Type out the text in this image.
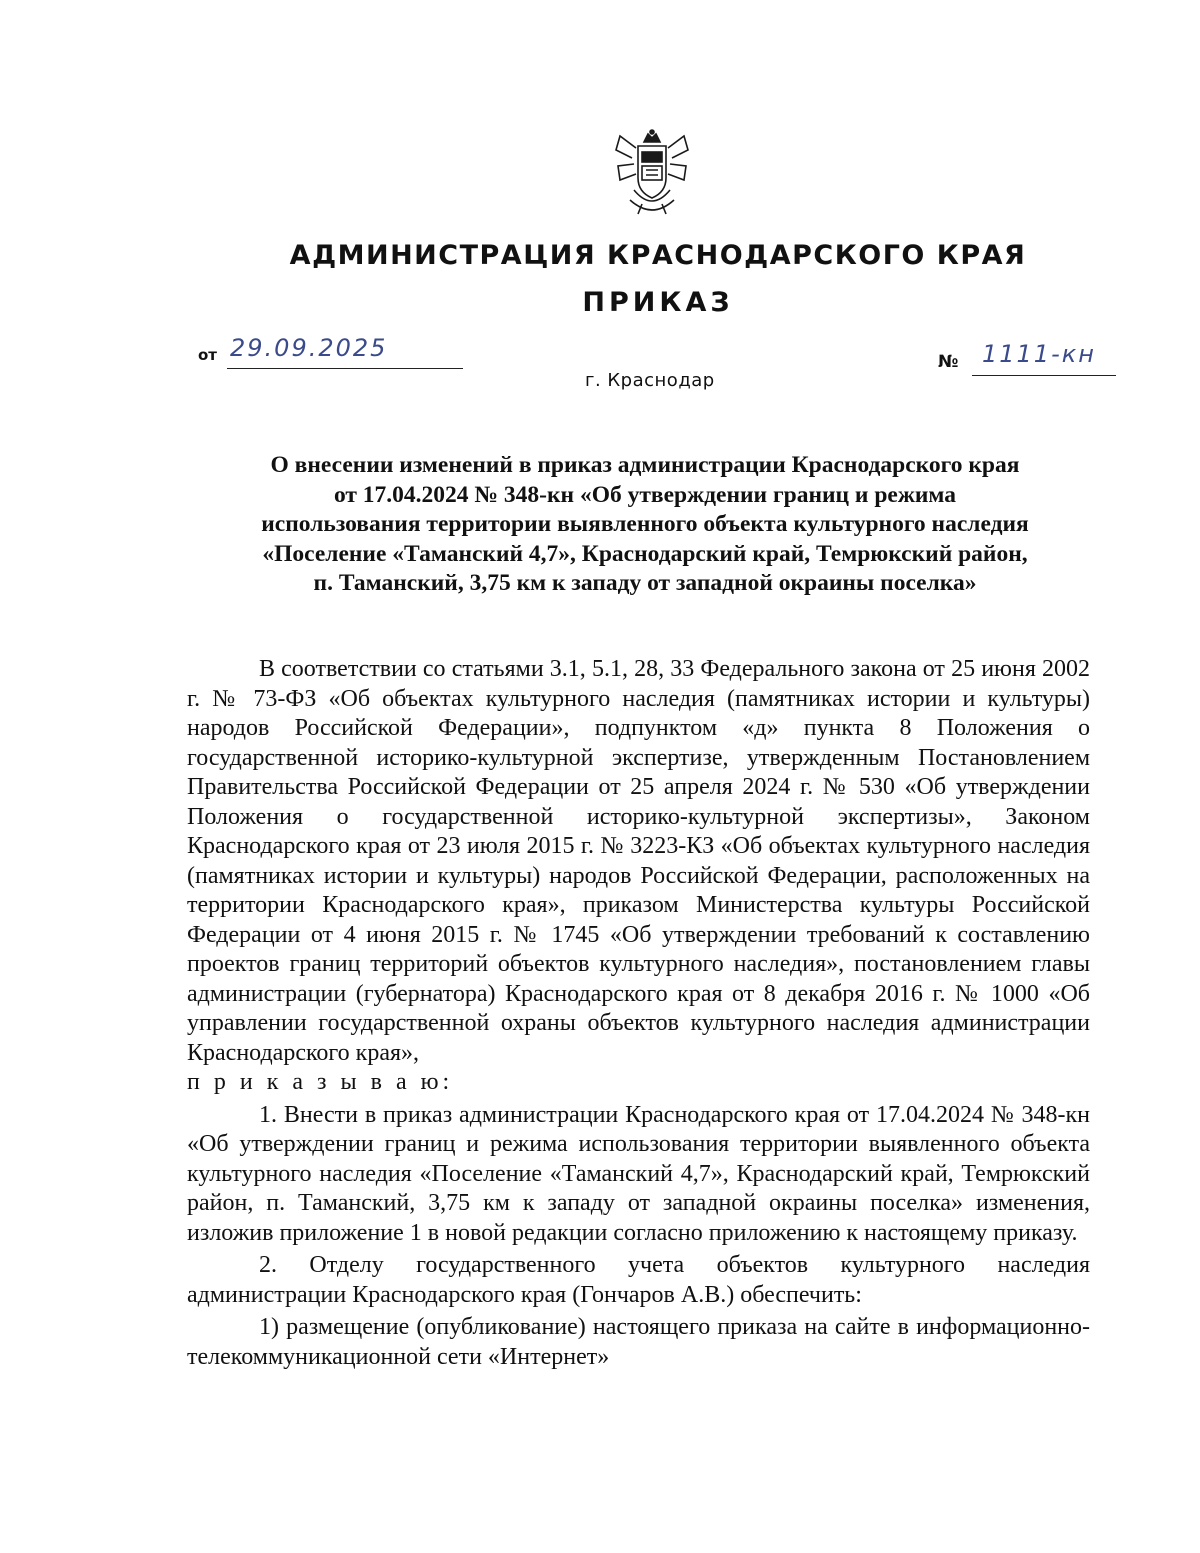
АДМИНИСТРАЦИЯ КРАСНОДАРСКОГО КРАЯ
ПРИКАЗ
от 29.09.2025
г. Краснодар
№ 1111-кн
О внесении изменений в приказ администрации Краснодарского края
от 17.04.2024 № 348-кн «Об утверждении границ и режима
использования территории выявленного объекта культурного наследия
«Поселение «Таманский 4,7», Краснодарский край, Темрюкский район,
п. Таманский, 3,75 км к западу от западной окраины поселка»

В соответствии со статьями 3.1, 5.1, 28, 33 Федерального закона от 25 июня 2002 г. № 73-ФЗ «Об объектах культурного наследия (памятниках истории и культуры) народов Российской Федерации», подпунктом «д» пункта 8 Положения о государственной историко-культурной экспертизе, утвержденным Постановлением Правительства Российской Федерации от 25 апреля 2024 г. № 530 «Об утверждении Положения о государственной историко-культурной экспертизы», Законом Краснодарского края от 23 июля 2015 г. № 3223-КЗ «Об объектах культурного наследия (памятниках истории и культуры) народов Российской Федерации, расположенных на территории Краснодарского края», приказом Министерства культуры Российской Федерации от 4 июня 2015 г. № 1745 «Об утверждении требований к составлению проектов границ территорий объектов культурного наследия», постановлением главы администрации (губернатора) Краснодарского края от 8 декабря 2016 г. № 1000 «Об управлении государственной охраны объектов культурного наследия администрации Краснодарского края»,

п р и к а з ы в а ю:

1. Внести в приказ администрации Краснодарского края от 17.04.2024 № 348-кн «Об утверждении границ и режима использования территории выявленного объекта культурного наследия «Поселение «Таманский 4,7», Краснодарский край, Темрюкский район, п. Таманский, 3,75 км к западу от западной окраины поселка» изменения, изложив приложение 1 в новой редакции согласно приложению к настоящему приказу.

2. Отделу государственного учета объектов культурного наследия администрации Краснодарского края (Гончаров А.В.) обеспечить:

1) размещение (опубликование) настоящего приказа на сайте в информационно-телекоммуникационной сети «Интернет»
